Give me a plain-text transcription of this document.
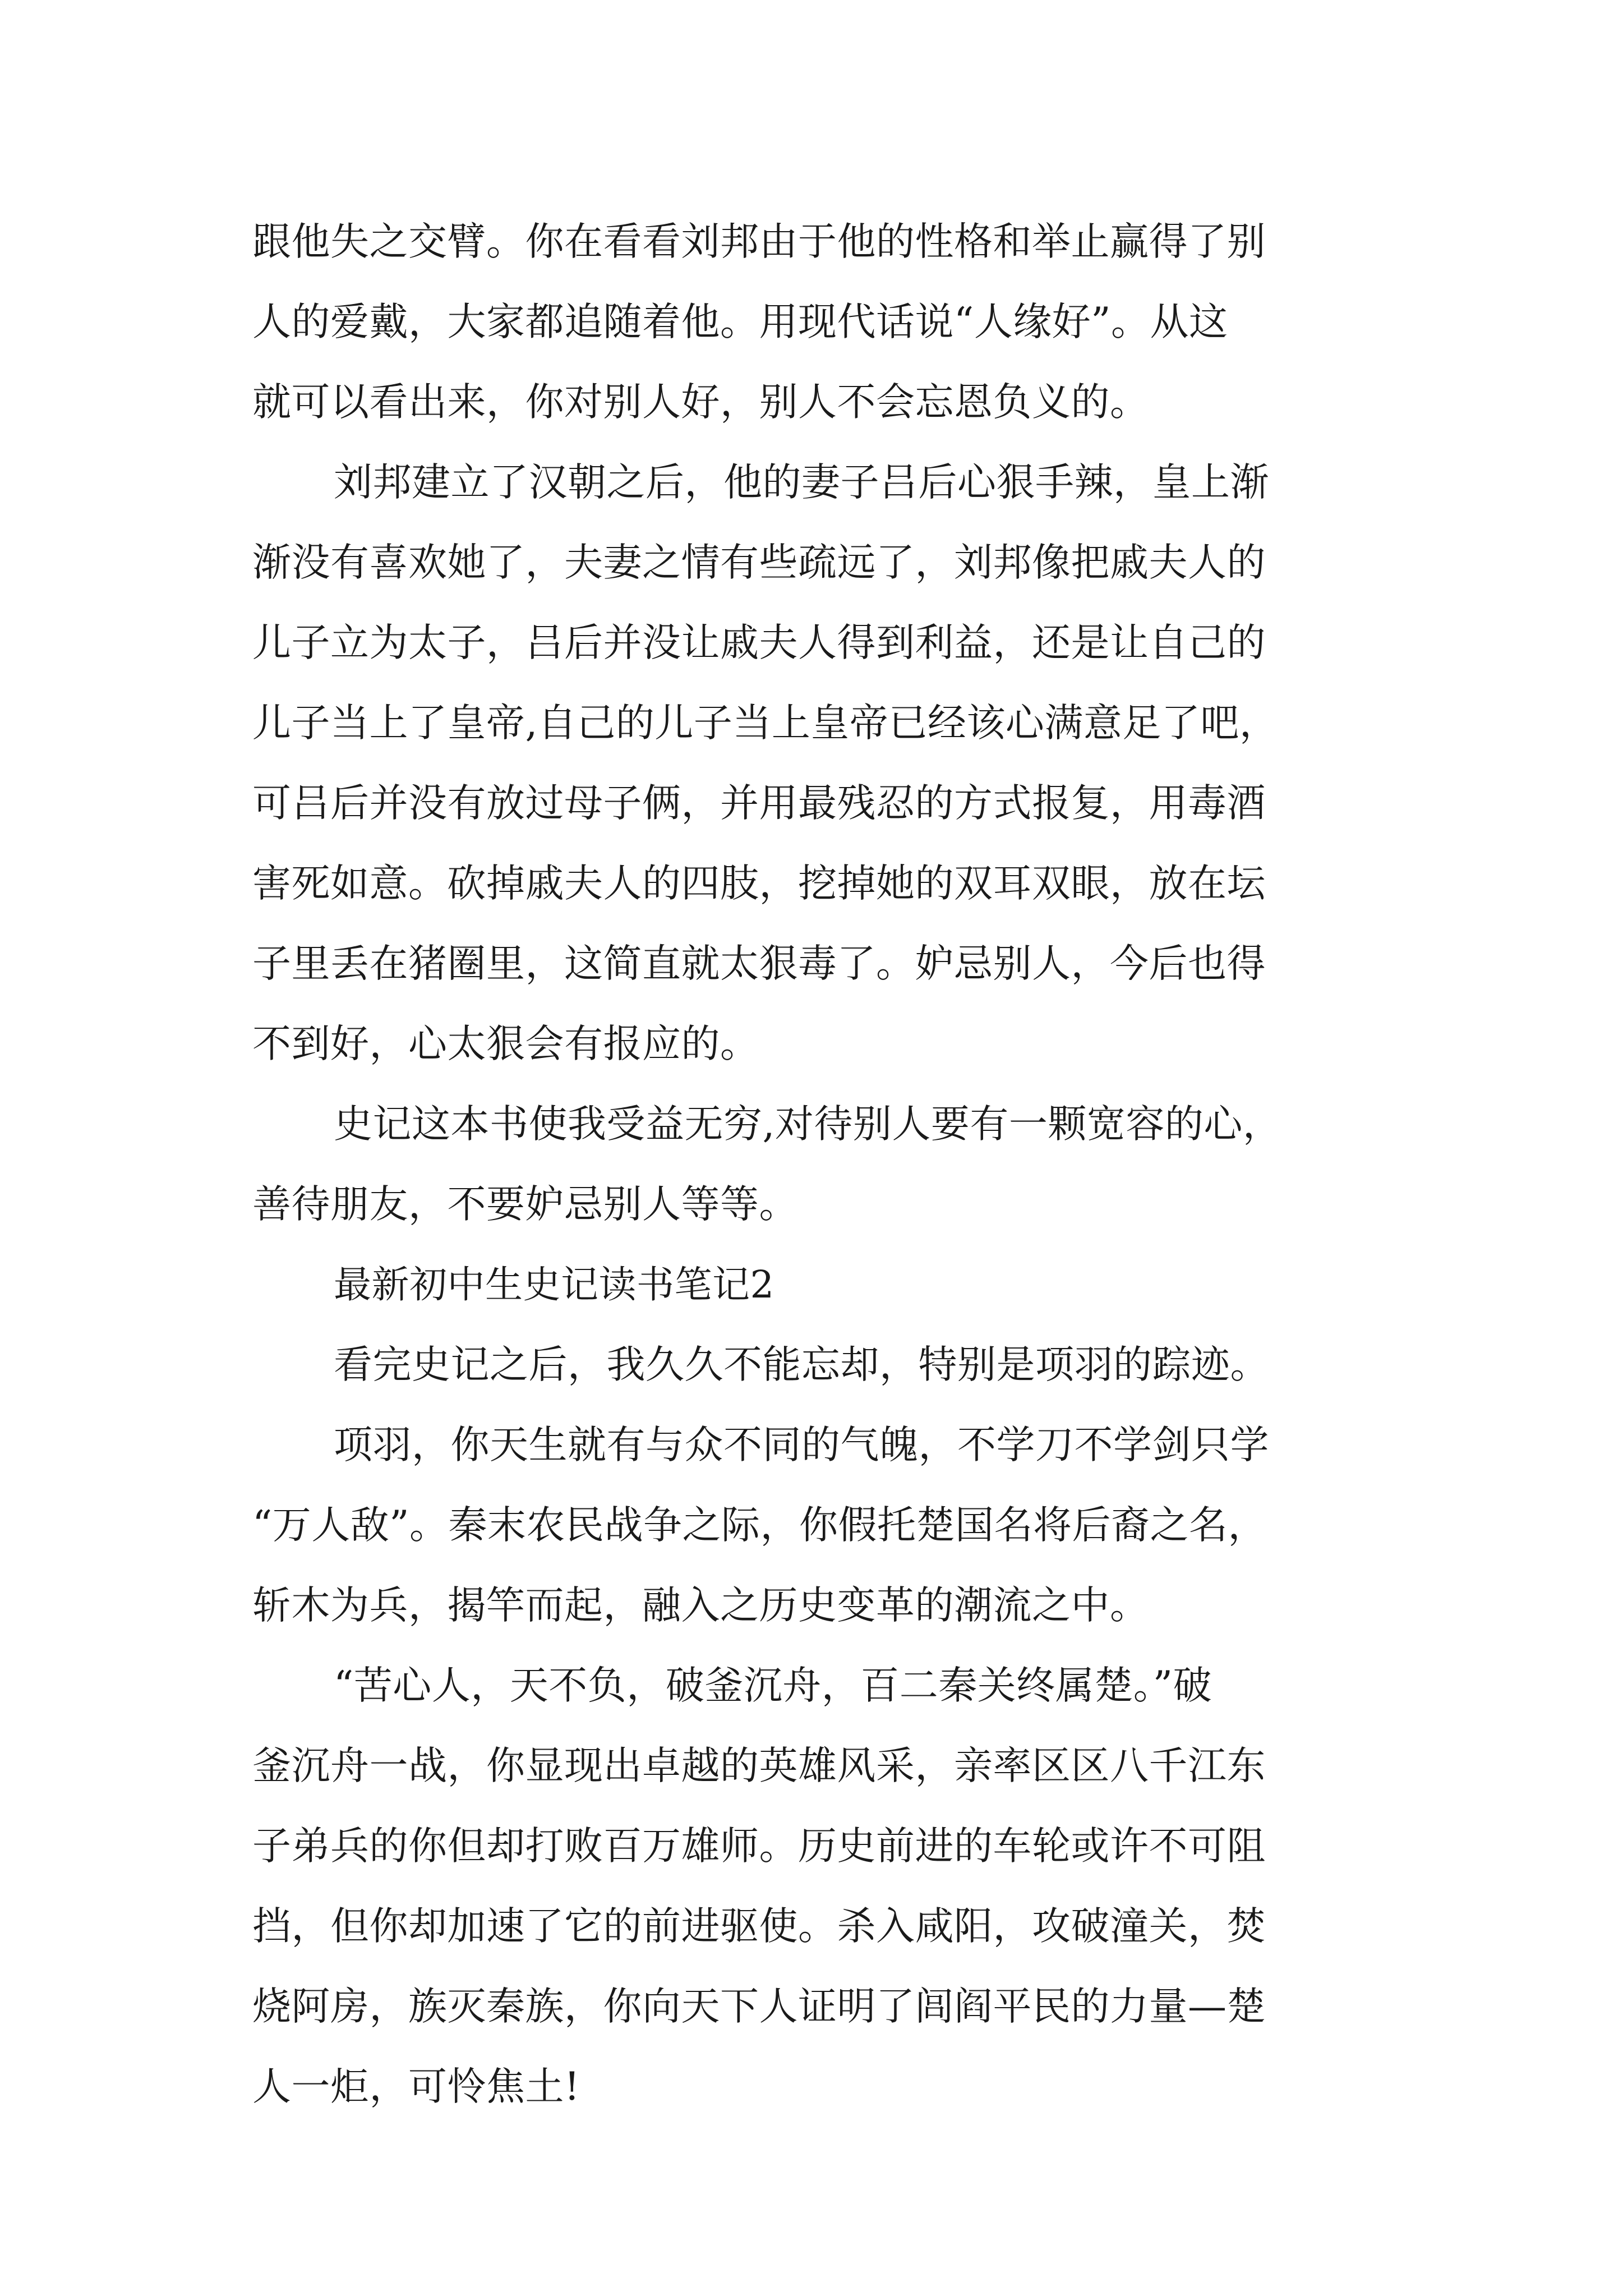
跟他失之交臂。你在看看刘邦由于他的性格和举止赢得了别
人的爱戴，大家都追随着他。用现代话说“人缘好”。从这
就可以看出来，你对别人好，别人不会忘恩负义的。
刘邦建立了汉朝之后，他的妻子吕后心狠手辣，皇上渐
渐没有喜欢她了，夫妻之情有些疏远了，刘邦像把戚夫人的
儿子立为太子，吕后并没让戚夫人得到利益，还是让自己的
儿子当上了皇帝,自己的儿子当上皇帝已经该心满意足了吧，
可吕后并没有放过母子俩，并用最残忍的方式报复，用毒酒
害死如意。砍掉戚夫人的四肢，挖掉她的双耳双眼，放在坛
子里丢在猪圈里，这简直就太狠毒了。妒忌别人，今后也得
不到好，心太狠会有报应的。
史记这本书使我受益无穷,对待别人要有一颗宽容的心，
善待朋友，不要妒忌别人等等。
最新初中生史记读书笔记2
看完史记之后，我久久不能忘却，特别是项羽的踪迹。
项羽，你天生就有与众不同的气魄，不学刀不学剑只学
“万人敌”。秦末农民战争之际，你假托楚国名将后裔之名，
斩木为兵，揭竿而起，融入之历史变革的潮流之中。
“苦心人，天不负，破釜沉舟，百二秦关终属楚。”破
釜沉舟一战，你显现出卓越的英雄风采，亲率区区八千江东
子弟兵的你但却打败百万雄师。历史前进的车轮或许不可阻
挡，但你却加速了它的前进驱使。杀入咸阳，攻破潼关，焚
烧阿房，族灭秦族，你向天下人证明了闾阎平民的力量—楚
人一炬，可怜焦土!
